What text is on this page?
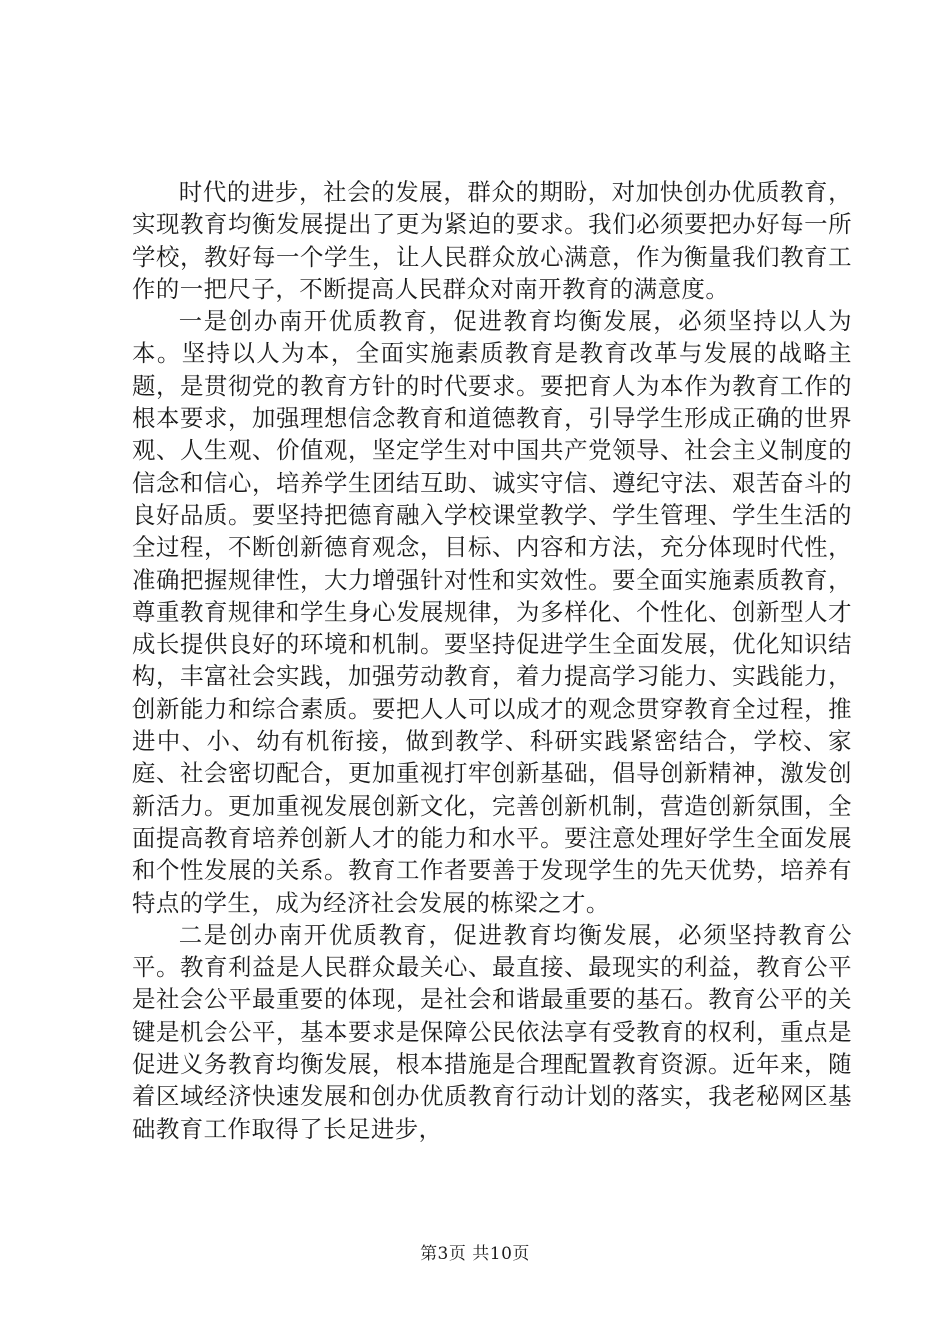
时代的进步，社会的发展，群众的期盼，对加快创办优质教育，实现教育均衡发展提出了更为紧迫的要求。我们必须要把办好每一所学校，教好每一个学生，让人民群众放心满意，作为衡量我们教育工作的一把尺子，不断提高人民群众对南开教育的满意度。

一是创办南开优质教育，促进教育均衡发展，必须坚持以人为本。坚持以人为本，全面实施素质教育是教育改革与发展的战略主题，是贯彻党的教育方针的时代要求。要把育人为本作为教育工作的根本要求，加强理想信念教育和道德教育，引导学生形成正确的世界观、人生观、价值观，坚定学生对中国共产党领导、社会主义制度的信念和信心，培养学生团结互助、诚实守信、遵纪守法、艰苦奋斗的良好品质。要坚持把德育融入学校课堂教学、学生管理、学生生活的全过程，不断创新德育观念，目标、内容和方法，充分体现时代性，准确把握规律性，大力增强针对性和实效性。要全面实施素质教育，尊重教育规律和学生身心发展规律，为多样化、个性化、创新型人才成长提供良好的环境和机制。要坚持促进学生全面发展，优化知识结构，丰富社会实践，加强劳动教育，着力提高学习能力、实践能力，创新能力和综合素质。要把人人可以成才的观念贯穿教育全过程，推进中、小、幼有机衔接，做到教学、科研实践紧密结合，学校、家庭、社会密切配合，更加重视打牢创新基础，倡导创新精神，激发创新活力。更加重视发展创新文化，完善创新机制，营造创新氛围，全面提高教育培养创新人才的能力和水平。要注意处理好学生全面发展和个性发展的关系。教育工作者要善于发现学生的先天优势，培养有特点的学生，成为经济社会发展的栋梁之才。

二是创办南开优质教育，促进教育均衡发展，必须坚持教育公平。教育利益是人民群众最关心、最直接、最现实的利益，教育公平是社会公平最重要的体现，是社会和谐最重要的基石。教育公平的关键是机会公平，基本要求是保障公民依法享有受教育的权利，重点是促进义务教育均衡发展，根本措施是合理配置教育资源。近年来，随着区域经济快速发展和创办优质教育行动计划的落实，我老秘网区基础教育工作取得了长足进步，

第3页 共10页
